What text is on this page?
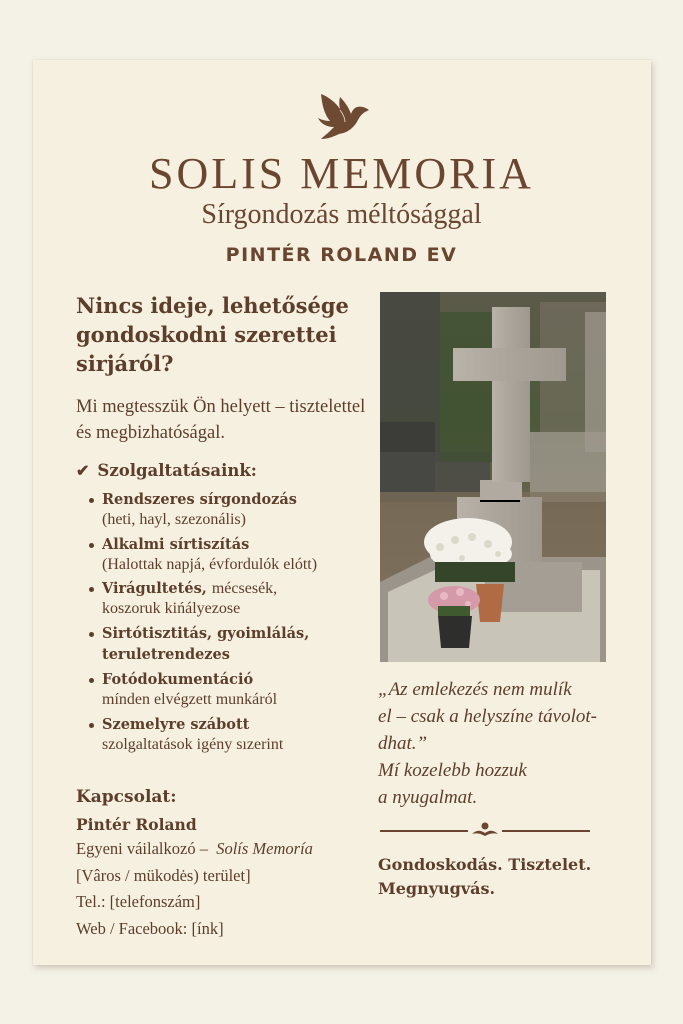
SOLIS MEMORIA
Sírgondozás méltósággal
PINTÉR ROLAND EV
Nincs ideje, lehetősége gondoskodni szerettei sirjáról?
Mi megtesszük Ön helyett – tisztelettel és megbizhatóságal.
✔ Szolgaltatásaink:
Rendszeres sírgondozás
(heti, hayl, szezonális)
Alkalmi sírtiszítás
(Halottak napjá, évfordulók elótt)
Virágultetés, mécsesék,
koszoruk kińályezose
Sirtótisztitás, gyoimlálás, teruletrendezes
Fotódokumentáció
mínden elvégzett munkáról
Szemelyre szábott
szolgaltatások igény sızerint
Kapcsolat:
Pintér Roland
Egyeni váilalkozó – Solís Memoría
[Vâros / mükodės) terület]
Tel.: [telefonszám]
Web / Facebook: [ínk]
„Az emlekezés nem mulík
el – csak a helyszíne távolot-
dhat.”
Mí kozelebb hozzuk
a nyugalmat.
Gondoskodás. Tisztelet.
Megnyugvás.
